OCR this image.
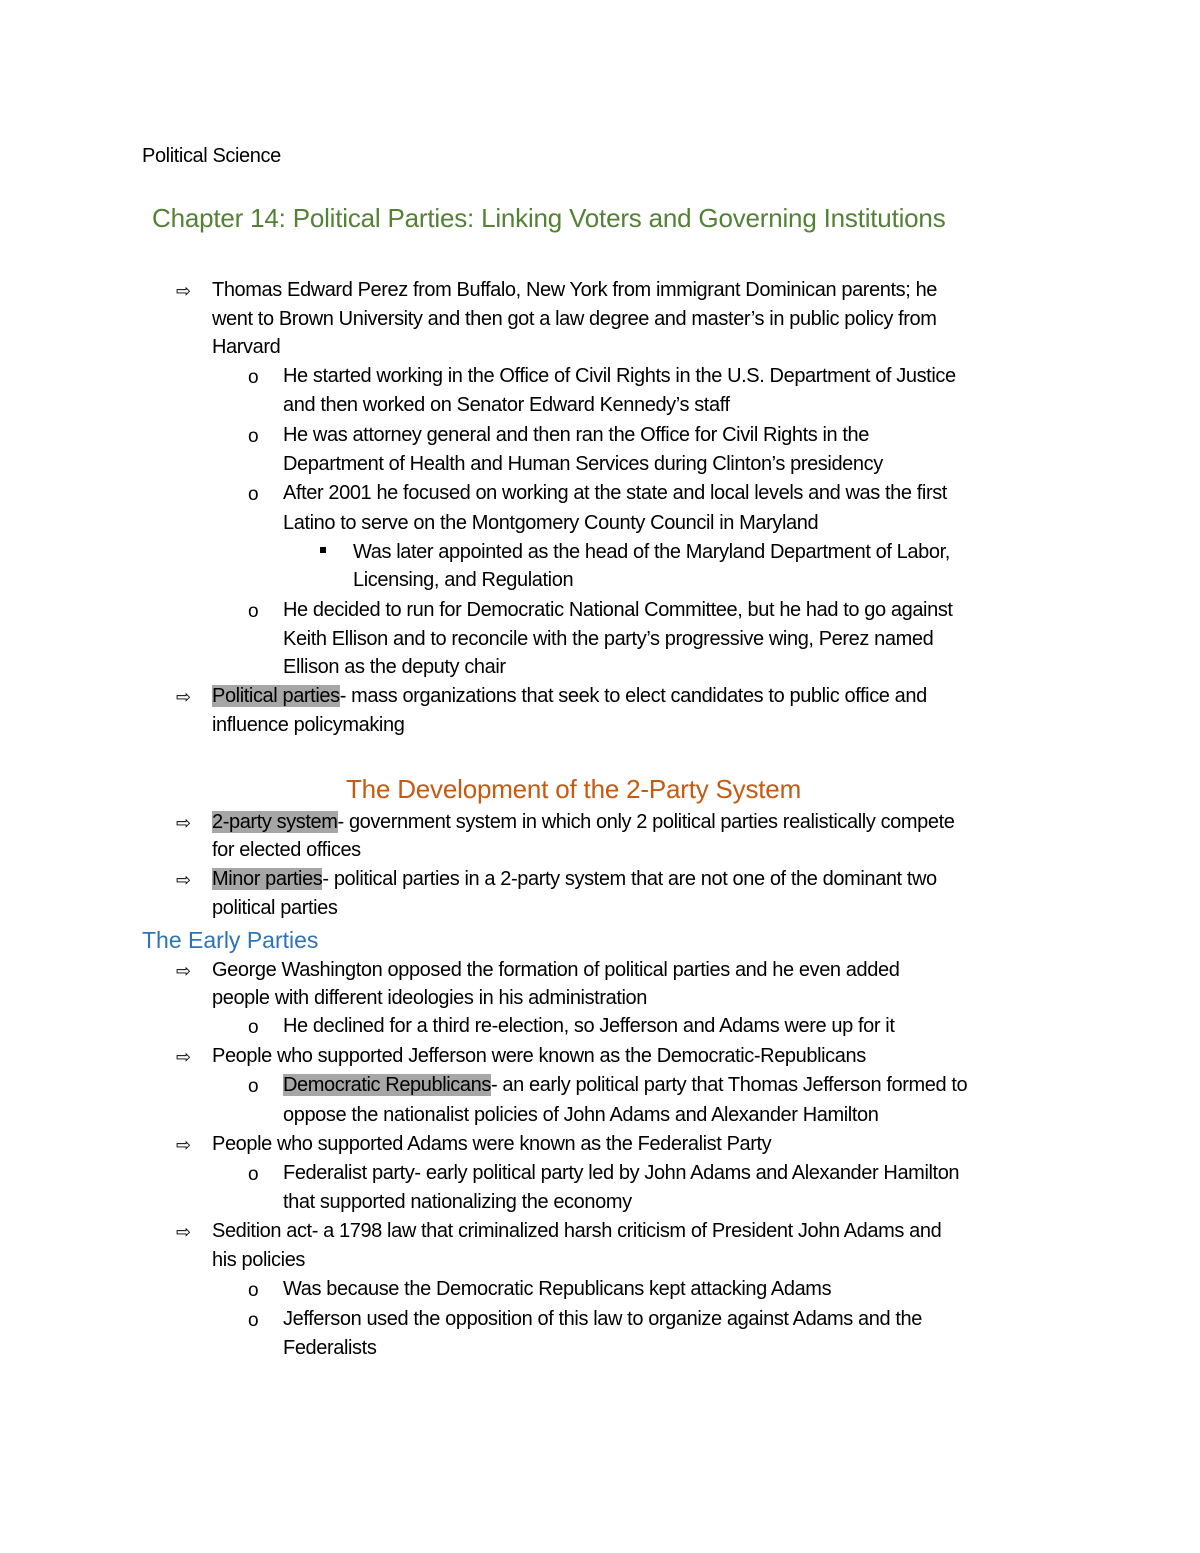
Political Science
Chapter 14: Political Parties: Linking Voters and Governing Institutions
⇨ Thomas Edward Perez from Buffalo, New York from immigrant Dominican parents; he
went to Brown University and then got a law degree and master’s in public policy from
Harvard
o He started working in the Office of Civil Rights in the U.S. Department of Justice
and then worked on Senator Edward Kennedy’s staff
o He was attorney general and then ran the Office for Civil Rights in the
Department of Health and Human Services during Clinton’s presidency
o After 2001 he focused on working at the state and local levels and was the first
Latino to serve on the Montgomery County Council in Maryland
Was later appointed as the head of the Maryland Department of Labor,
Licensing, and Regulation
o He decided to run for Democratic National Committee, but he had to go against
Keith Ellison and to reconcile with the party’s progressive wing, Perez named
Ellison as the deputy chair
⇨ Political parties- mass organizations that seek to elect candidates to public office and
influence policymaking
The Development of the 2-Party System
⇨ 2-party system- government system in which only 2 political parties realistically compete
for elected offices
⇨ Minor parties- political parties in a 2-party system that are not one of the dominant two
political parties
The Early Parties
⇨ George Washington opposed the formation of political parties and he even added
people with different ideologies in his administration
o He declined for a third re-election, so Jefferson and Adams were up for it
⇨ People who supported Jefferson were known as the Democratic-Republicans
o Democratic Republicans- an early political party that Thomas Jefferson formed to
oppose the nationalist policies of John Adams and Alexander Hamilton
⇨ People who supported Adams were known as the Federalist Party
o Federalist party- early political party led by John Adams and Alexander Hamilton
that supported nationalizing the economy
⇨ Sedition act- a 1798 law that criminalized harsh criticism of President John Adams and
his policies
o Was because the Democratic Republicans kept attacking Adams
o Jefferson used the opposition of this law to organize against Adams and the
Federalists
